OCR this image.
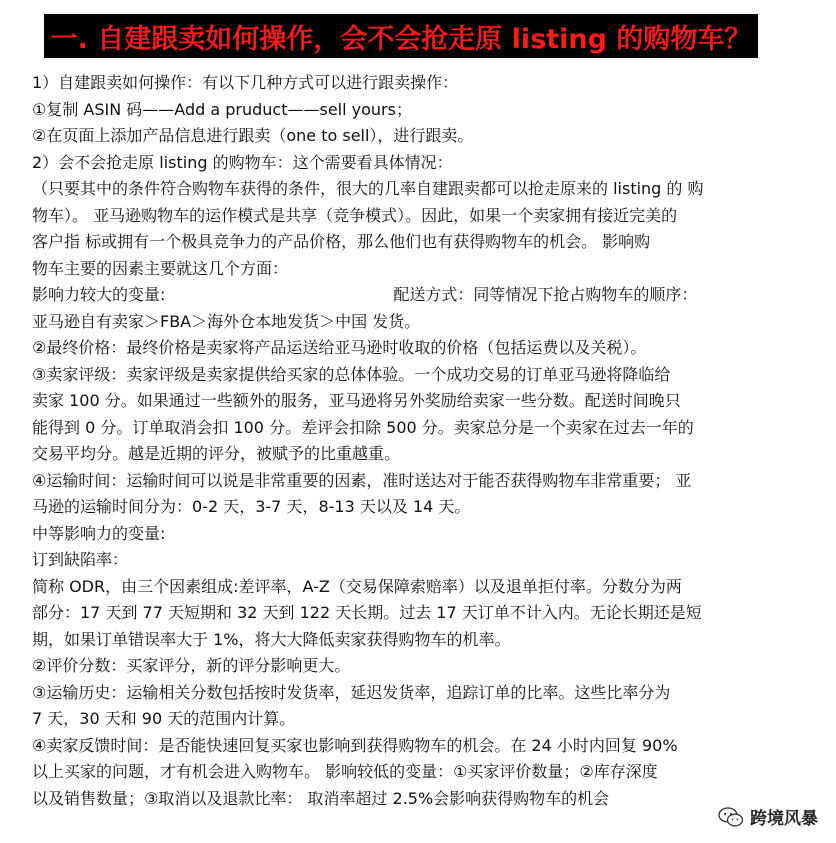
一. 自建跟卖如何操作，会不会抢走原 listing 的购物车？
1）自建跟卖如何操作：有以下几种方式可以进行跟卖操作：
①复制 ASIN 码——Add a pruduct——sell yours；
②在页面上添加产品信息进行跟卖（one to sell），进行跟卖。
2）会不会抢走原 listing 的购物车：这个需要看具体情况：
（只要其中的条件符合购物车获得的条件，很大的几率自建跟卖都可以抢走原来的 listing 的 购
物车）。 亚马逊购物车的运作模式是共享（竞争模式）。因此，如果一个卖家拥有接近完美的
客户指 标或拥有一个极具竞争力的产品价格，那么他们也有获得购物车的机会。 影响购
物车主要的因素主要就这几个方面：
影响力较大的变量:	配送方式：同等情况下抢占购物车的顺序：
亚马逊自有卖家＞FBA＞海外仓本地发货＞中国 发货。
②最终价格：最终价格是卖家将产品运送给亚马逊时收取的价格（包括运费以及关税）。
③卖家评级：卖家评级是卖家提供给买家的总体体验。一个成功交易的订单亚马逊将降临给
卖家 100 分。如果通过一些额外的服务，亚马逊将另外奖励给卖家一些分数。配送时间晚只
能得到 0 分。订单取消会扣 100 分。差评会扣除 500 分。卖家总分是一个卖家在过去一年的
交易平均分。越是近期的评分，被赋予的比重越重。
④运输时间：运输时间可以说是非常重要的因素，准时送达对于能否获得购物车非常重要； 亚
马逊的运输时间分为：0-2 天，3-7 天，8-13 天以及 14 天。
中等影响力的变量:
订到缺陷率：
简称 ODR，由三个因素组成:差评率，A-Z（交易保障索赔率）以及退单拒付率。分数分为两
部分：17 天到 77 天短期和 32 天到 122 天长期。过去 17 天订单不计入内。无论长期还是短
期，如果订单错误率大于 1%，将大大降低卖家获得购物车的机率。
②评价分数：买家评分，新的评分影响更大。
③运输历史：运输相关分数包括按时发货率，延迟发货率，追踪订单的比率。这些比率分为
7 天，30 天和 90 天的范围内计算。
④卖家反馈时间：是否能快速回复买家也影响到获得购物车的机会。在 24 小时内回复 90%
以上买家的问题，才有机会进入购物车。 影响较低的变量：①买家评价数量；②库存深度
以及销售数量；③取消以及退款比率： 取消率超过 2.5%会影响获得购物车的机会
跨境风暴
